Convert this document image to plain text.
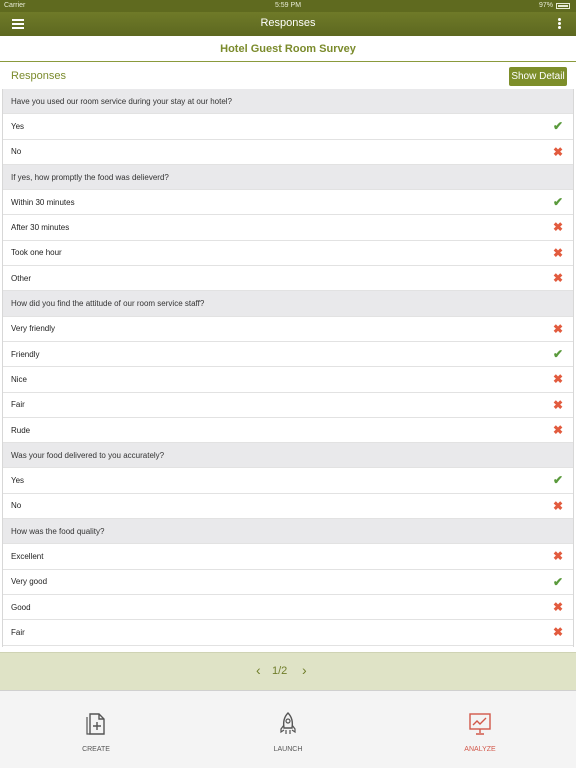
Carrier	5:59 PM	97%
Responses
Hotel Guest Room Survey
Responses	Show Detail
Have you used our room service during your stay at our hotel?
Yes	✔
No	✖
If yes, how promptly the food was delieverd?
Within 30 minutes	✔
After 30 minutes	✖
Took one hour	✖
Other	✖
How did you find the attitude of our room service staff?
Very friendly	✖
Friendly	✔
Nice	✖
Fair	✖
Rude	✖
Was your food delivered to you accurately?
Yes	✔
No	✖
How was the food quality?
Excellent	✖
Very good	✔
Good	✖
Fair	✖
‹ 1/2 ›
CREATE	LAUNCH	ANALYZE
